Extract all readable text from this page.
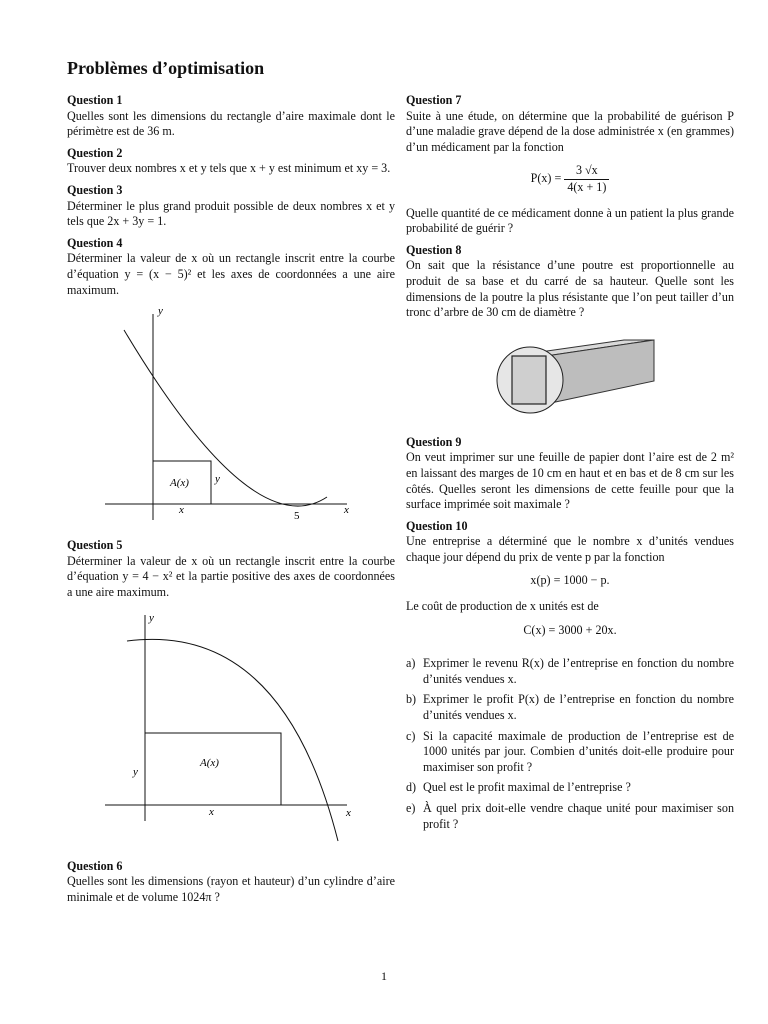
Problèmes d’optimisation
Question 1
Quelles sont les dimensions du rectangle d’aire maximale dont le périmètre est de 36 m.
Question 2
Trouver deux nombres x et y tels que x + y est minimum et xy = 3.
Question 3
Déterminer le plus grand produit possible de deux nombres x et y tels que 2x + 3y = 1.
Question 4
Déterminer la valeur de x où un rectangle inscrit entre la courbe d’équation y = (x − 5)² et les axes de coordonnées a une aire maximum.
y
x
A(x) y
x	5
Question 5
Déterminer la valeur de x où un rectangle inscrit entre la courbe d’équation y = 4 − x² et la partie positive des axes de coordonnées a une aire maximum.
y
x
A(x)
y
x
Question 6
Quelles sont les dimensions (rayon et hauteur) d’un cylindre d’aire minimale et de volume 1024π ?
Question 7
Suite à une étude, on détermine que la probabilité de guérison P d’une maladie grave dépend de la dose administrée x (en grammes) d’un médicament par la fonction
$P(x) = \frac{3 √x}{4(x + 1)}$
Quelle quantité de ce médicament donne à un patient la plus grande probabilité de guérir ?
Question 8
On sait que la résistance d’une poutre est proportionnelle au produit de sa base et du carré de sa hauteur. Quelle sont les dimensions de la poutre la plus résistante que l’on peut tailler d’un tronc d’arbre de 30 cm de diamètre ?
Question 9
On veut imprimer sur une feuille de papier dont l’aire est de 2 m² en laissant des marges de 10 cm en haut et en bas et de 8 cm sur les côtés. Quelles seront les dimensions de cette feuille pour que la surface imprimée soit maximale ?
Question 10
Une entreprise a déterminé que le nombre x d’unités vendues chaque jour dépend du prix de vente p par la fonction
x(p) = 1000 − p.
Le coût de production de x unités est de
C(x) = 3000 + 20x.
a) Exprimer le revenu R(x) de l’entreprise en fonction du nombre d’unités vendues x.
b) Exprimer le profit P(x) de l’entreprise en fonction du nombre d’unités vendues x.
c) Si la capacité maximale de production de l’entreprise est de 1000 unités par jour. Combien d’unités doit-elle produire pour maximiser son profit ?
d) Quel est le profit maximal de l’entreprise ?
e) À quel prix doit-elle vendre chaque unité pour maximiser son profit ?
1
